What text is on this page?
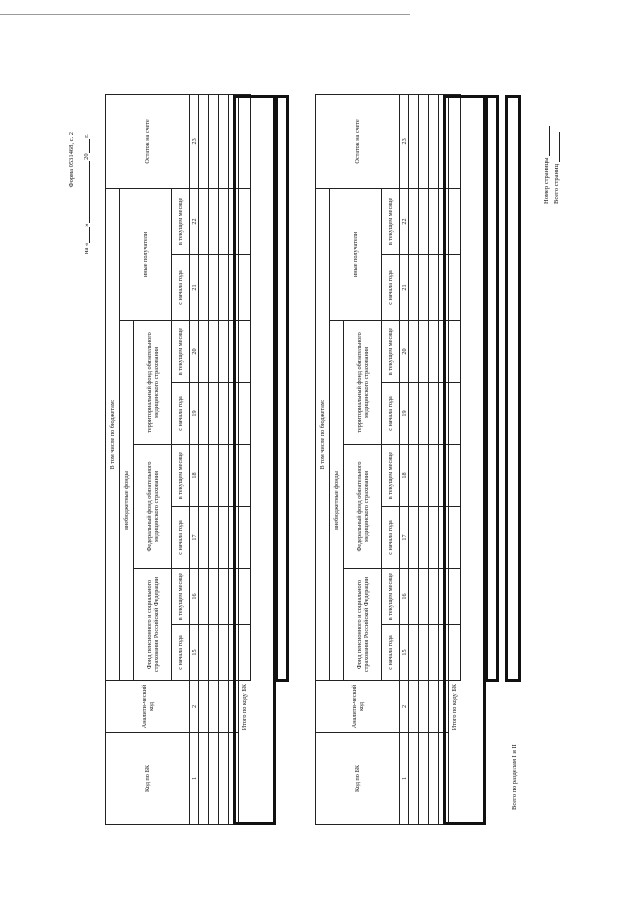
Форма 0531468, с. 2
на «» 20 г.
Код по БК	Аналити-ческий код	В том числе по бюджетам:								Остаток на счете
		внебюджетные фонды						иные получатели		
		Фонд пенсионного и социального страхования Российской Федерации		Федеральный фонд обязательного медицинского страхования		территориальный фонд обязательного медицинского страхования				

		с начала года	в текущем месяце	с начала года	в текущем месяце	с начала года	в текущем месяце	с начала года	в текущем месяце	
1	2	15	16	17	18	19	20	21	22	23

Итого по коду БК										
Код по БК	Аналити-ческий код	В том числе по бюджетам:								Остаток на счете
		внебюджетные фонды						иные получатели		
		Фонд пенсионного и социального страхования Российской Федерации		Федеральный фонд обязательного медицинского страхования		территориальный фонд обязательного медицинского страхования				

		с начала года	в текущем месяце	с начала года	в текущем месяце	с начала года	в текущем месяце	с начала года	в текущем месяце	
1	2	15	16	17	18	19	20	21	22	23

Итого по коду БК										
Всего по разделам I и II
Номер страницы Всего страниц
